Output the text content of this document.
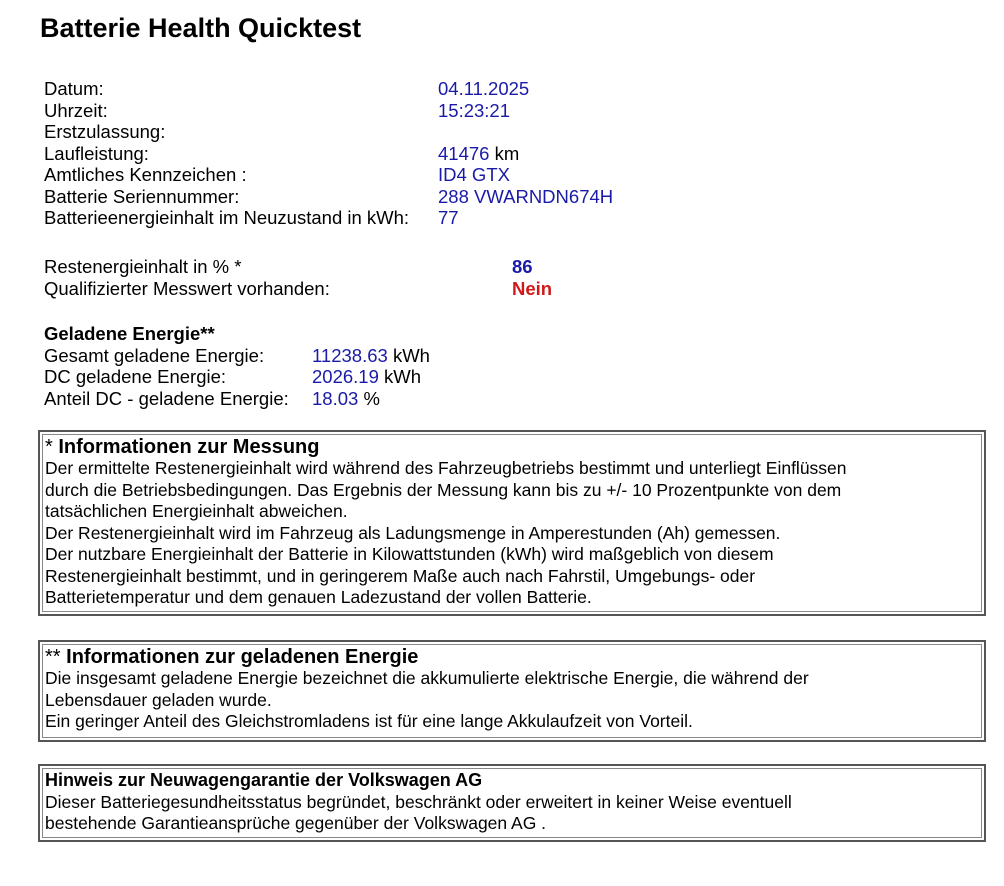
Batterie Health Quicktest
Datum:	04.11.2025
Uhrzeit:	15:23:21
Erstzulassung:
Laufleistung:	41476 km
Amtliches Kennzeichen :	ID4 GTX
Batterie Seriennummer:	288 VWARNDN674H
Batterieenergieinhalt im Neuzustand in kWh: 77
Restenergieinhalt in % *	86
Qualifizierter Messwert vorhanden:	Nein
Geladene Energie**
Gesamt geladene Energie:	11238.63 kWh
DC geladene Energie:	2026.19 kWh
Anteil DC - geladene Energie: 18.03 %
* Informationen zur Messung
Der ermittelte Restenergieinhalt wird während des Fahrzeugbetriebs bestimmt und unterliegt Einflüssen
durch die Betriebsbedingungen. Das Ergebnis der Messung kann bis zu +/- 10 Prozentpunkte von dem
tatsächlichen Energieinhalt abweichen.
Der Restenergieinhalt wird im Fahrzeug als Ladungsmenge in Amperestunden (Ah) gemessen.
Der nutzbare Energieinhalt der Batterie in Kilowattstunden (kWh) wird maßgeblich von diesem
Restenergieinhalt bestimmt, und in geringerem Maße auch nach Fahrstil, Umgebungs- oder
Batterietemperatur und dem genauen Ladezustand der vollen Batterie.
** Informationen zur geladenen Energie
Die insgesamt geladene Energie bezeichnet die akkumulierte elektrische Energie, die während der
Lebensdauer geladen wurde.
Ein geringer Anteil des Gleichstromladens ist für eine lange Akkulaufzeit von Vorteil.
Hinweis zur Neuwagengarantie der Volkswagen AG
Dieser Batteriegesundheitsstatus begründet, beschränkt oder erweitert in keiner Weise eventuell
bestehende Garantieansprüche gegenüber der Volkswagen AG .
